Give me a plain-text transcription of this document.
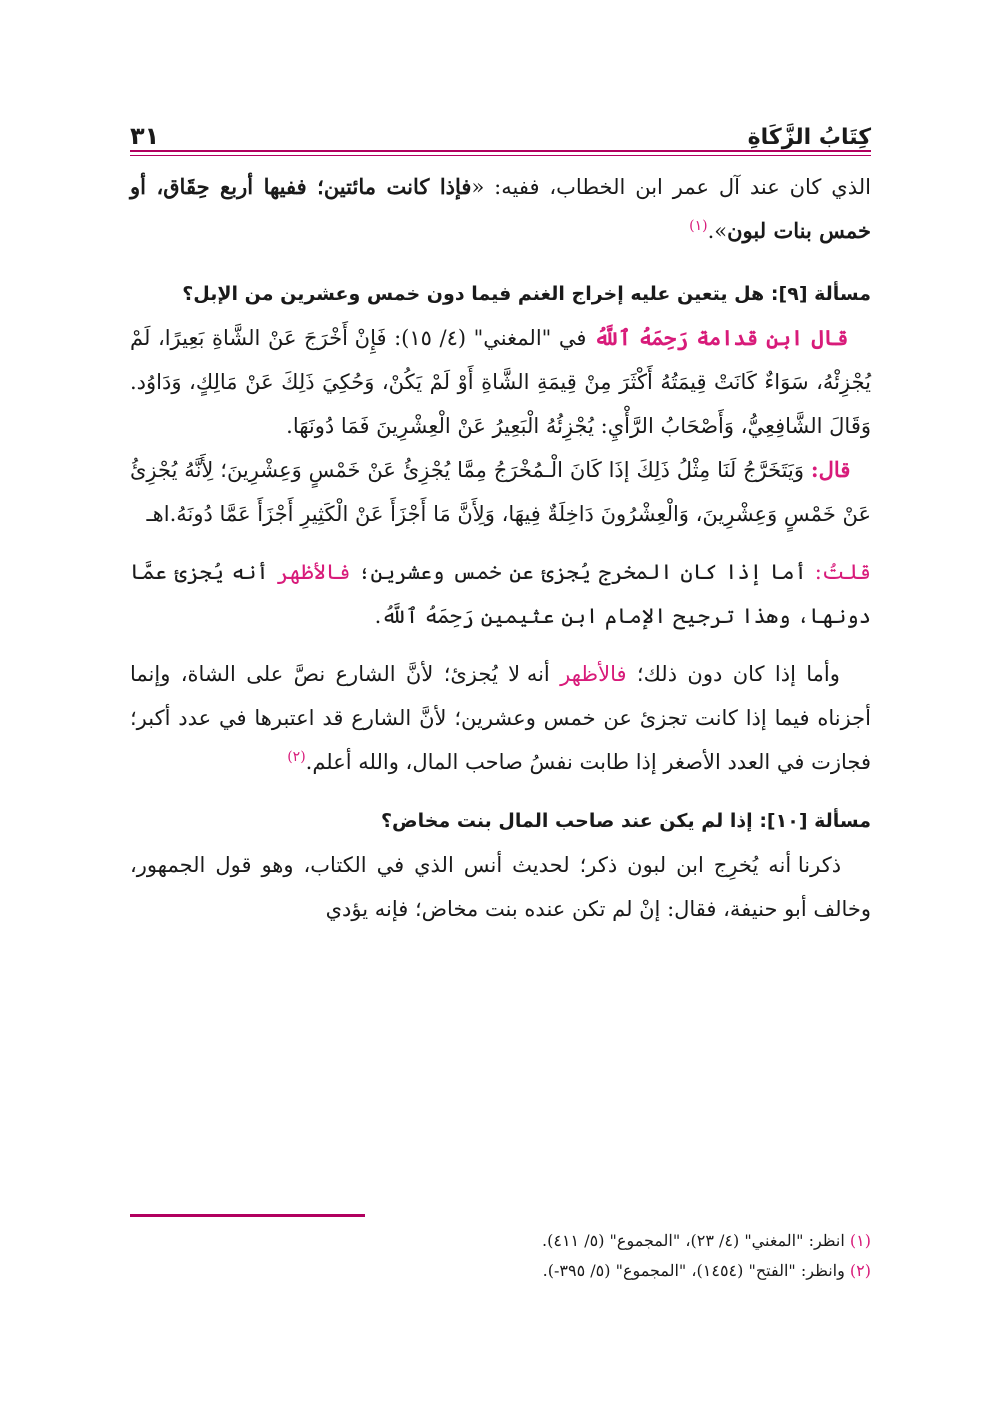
كِتَابُ الزَّكَاةِ
٣١

الذي كان عند آل عمر ابن الخطاب، ففيه: «فإذا كانت مائتين؛ ففيها أربع حِقَاق، أو خمس بنات لبون».$^{(١)}$

مسألة [٩]: هل يتعين عليه إخراج الغنم فيما دون خمس وعشرين من الإبل؟

قال ابن قدامة رَحِمَهُ ٱللَّهُ في "المغني" (٤/ ١٥): فَإِنْ أَخْرَجَ عَنْ الشَّاةِ بَعِيرًا، لَمْ يُجْزِئْهُ، سَوَاءٌ كَانَتْ قِيمَتُهُ أَكْثَرَ مِنْ قِيمَةِ الشَّاةِ أَوْ لَمْ يَكُنْ، وَحُكِيَ ذَلِكَ عَنْ مَالِكٍ، وَدَاوُد. وَقَالَ الشَّافِعِيُّ، وَأَصْحَابُ الرَّأْيِ: يُجْزِئُهُ الْبَعِيرُ عَنْ الْعِشْرِينَ فَمَا دُونَهَا.

قال: وَيَتَخَرَّجُ لَنَا مِثْلُ ذَلِكَ إذَا كَانَ الْـمُخْرَجُ مِمَّا يُجْزِئُ عَنْ خَمْسٍ وَعِشْرِينَ؛ لِأَنَّهُ يُجْزِئُ عَنْ خَمْسٍ وَعِشْرِينَ، وَالْعِشْرُونَ دَاخِلَةٌ فِيهَا، وَلِأَنَّ مَا أَجْزَأَ عَنْ الْكَثِيرِ أَجْزَأَ عَمَّا دُونَهُ.اهـ

قلتُ: أما إذا كان المخرج يُجزئ عن خمس وعشرين؛ فالأظهر أنه يُجزئ عمَّا دونها، وهذا ترجيح الإمام ابن عثيمين رَحِمَهُ ٱللَّهُ.

وأما إذا كان دون ذلك؛ فالأظهر أنه لا يُجزئ؛ لأنَّ الشارع نصَّ على الشاة، وإنما أجزناه فيما إذا كانت تجزئ عن خمس وعشرين؛ لأنَّ الشارع قد اعتبرها في عدد أكبر؛ فجازت في العدد الأصغر إذا طابت نفسُ صاحب المال، والله أعلم.$^{(٢)}$

مسألة [١٠]: إذا لم يكن عند صاحب المال بنت مخاض؟

ذكرنا أنه يُخرِج ابن لبون ذكر؛ لحديث أنس الذي في الكتاب، وهو قول الجمهور، وخالف أبو حنيفة، فقال: إنْ لم تكن عنده بنت مخاض؛ فإنه يؤدي

(١) انظر: "المغني" (٤/ ٢٣)، "المجموع" (٥/ ٤١١).

(٢) وانظر: "الفتح" (١٤٥٤)، "المجموع" (٥/ ٣٩٥-).
